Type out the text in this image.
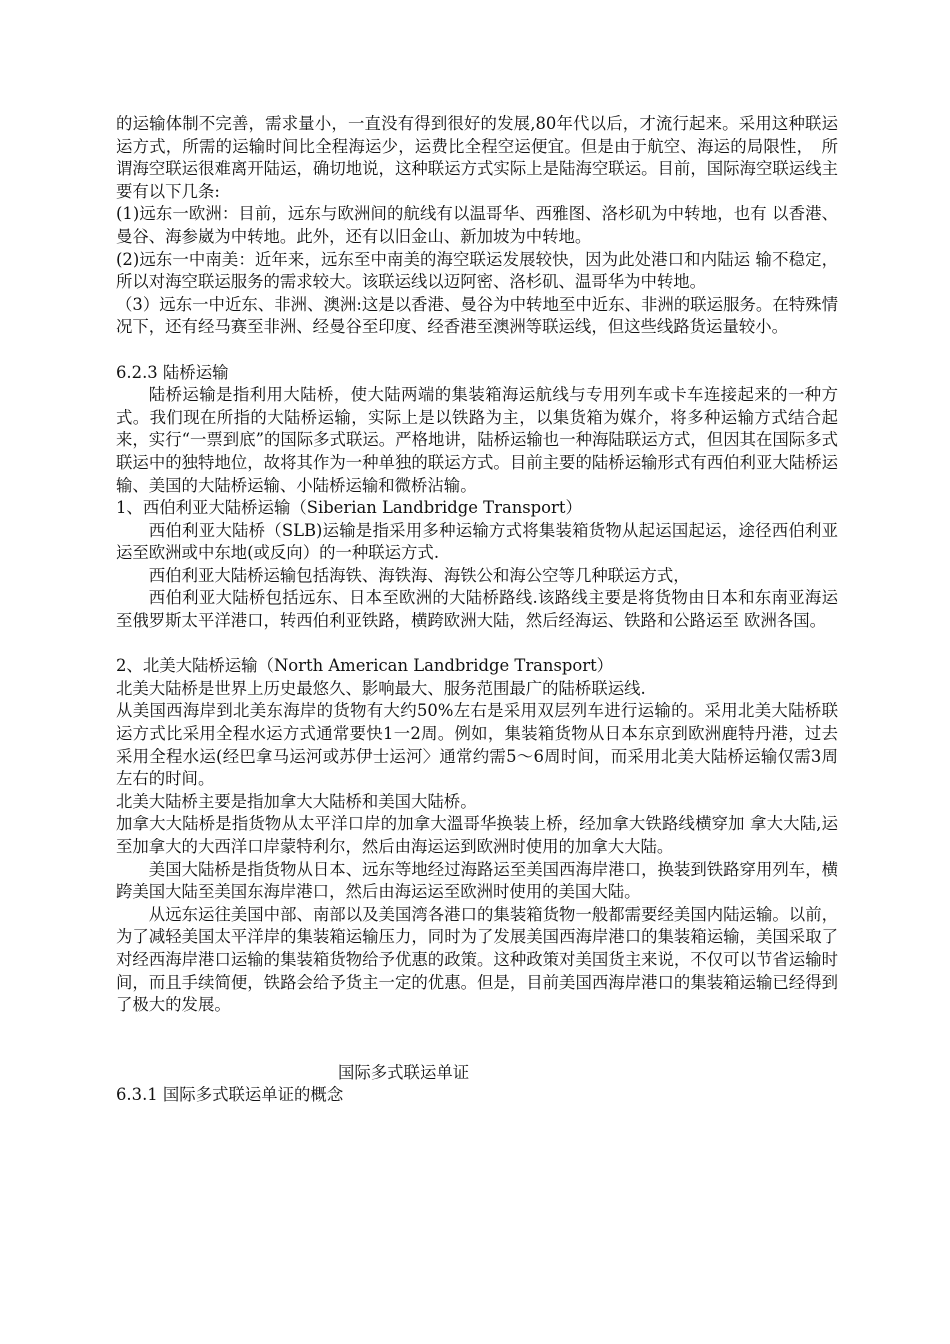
的运输体制不完善，需求量小，一直没有得到很好的发展,80年代以后，才流行起来。采用这种联运运方式，所需的运输时间比全程海运少，运费比全程空运便宜。但是由于航空、海运的局限性，　所谓海空联运很难离开陆运，确切地说，这种联运方式实际上是陆海空联运。目前，国际海空联运线主要有以下几条:

(1)远东一欧洲：目前，远东与欧洲间的航线有以温哥华、西雅图、洛杉矶为中转地，也有 以香港、曼谷、海参崴为中转地。此外，还有以旧金山、新加坡为中转地。

(2)远东一中南美：近年来，远东至中南美的海空联运发展较快，因为此处港口和内陆运 输不稳定，所以对海空联运服务的需求较大。该联运线以迈阿密、洛杉矶、温哥华为中转地。

（3）远东一中近东、非洲、澳洲:这是以香港、曼谷为中转地至中近东、非洲的联运服务。在特殊情况下，还有经马赛至非洲、经曼谷至印度、经香港至澳洲等联运线，但这些线路货运量较小。

6.2.3 陆桥运输

陆桥运输是指利用大陆桥，使大陆两端的集装箱海运航线与专用列车或卡车连接起来的一种方式。我们现在所指的大陆桥运输，实际上是以铁路为主，以集货箱为媒介，将多种运输方式结合起来，实行“一票到底”的国际多式联运。严格地讲，陆桥运输也一种海陆联运方式，但因其在国际多式联运中的独特地位，故将其作为一种单独的联运方式。目前主要的陆桥运输形式有西伯利亚大陆桥运输、美国的大陆桥运输、小陆桥运输和微桥沾输。

1、西伯利亚大陆桥运输（Siberian Landbridge Transport）

西伯利亚大陆桥（SLB)运输是指采用多种运输方式将集装箱货物从起运国起运，途径西伯利亚运至欧洲或中东地(或反向）的一种联运方式.

西伯利亚大陆桥运输包括海铁、海铁海、海铁公和海公空等几种联运方式，

西伯利亚大陆桥包括远东、日本至欧洲的大陆桥路线.该路线主要是将货物由日本和东南亚海运至俄罗斯太平洋港口，转西伯利亚铁路，横跨欧洲大陆，然后经海运、铁路和公路运至 欧洲各国。

2、北美大陆桥运输（North American Landbridge Transport）

北美大陆桥是世界上历史最悠久、影响最大、服务范围最广的陆桥联运线.

从美国西海岸到北美东海岸的货物有大约50%左右是采用双层列车进行运输的。采用北美大陆桥联运方式比采用全程水运方式通常要快1一2周。例如，集装箱货物从日本东京到欧洲鹿特丹港，过去采用全程水运(经巴拿马运河或苏伊士运河〉通常约需5〜6周时间，而采用北美大陆桥运输仅需3周左右的时间。

北美大陆桥主要是指加拿大大陆桥和美国大陆桥。

加拿大大陆桥是指货物从太平洋口岸的加拿大溫哥华换装上桥，经加拿大铁路线横穿加 拿大大陆,运至加拿大的大西洋口岸蒙特利尔，然后由海运运到欧洲时使用的加拿大大陆。

美国大陆桥是指货物从日本、远东等地经过海路运至美国西海岸港口，换装到铁路穿用列车，横跨美国大陆至美国东海岸港口，然后由海运运至欧洲时使用的美国大陆。

从远东运往美国中部、南部以及美国湾各港口的集装箱货物一般都需要经美国内陆运输。以前，为了减轻美国太平洋岸的集装箱运输压力，同时为了发展美国西海岸港口的集装箱运输，美国采取了对经西海岸港口运输的集装箱货物给予优惠的政策。这种政策对美国货主来说，不仅可以节省运输时间，而且手续简便，铁路会给予货主一定的优惠。但是，目前美国西海岸港口的集装箱运输已经得到了极大的发展。

国际多式联运单证

6.3.1 国际多式联运单证的概念
